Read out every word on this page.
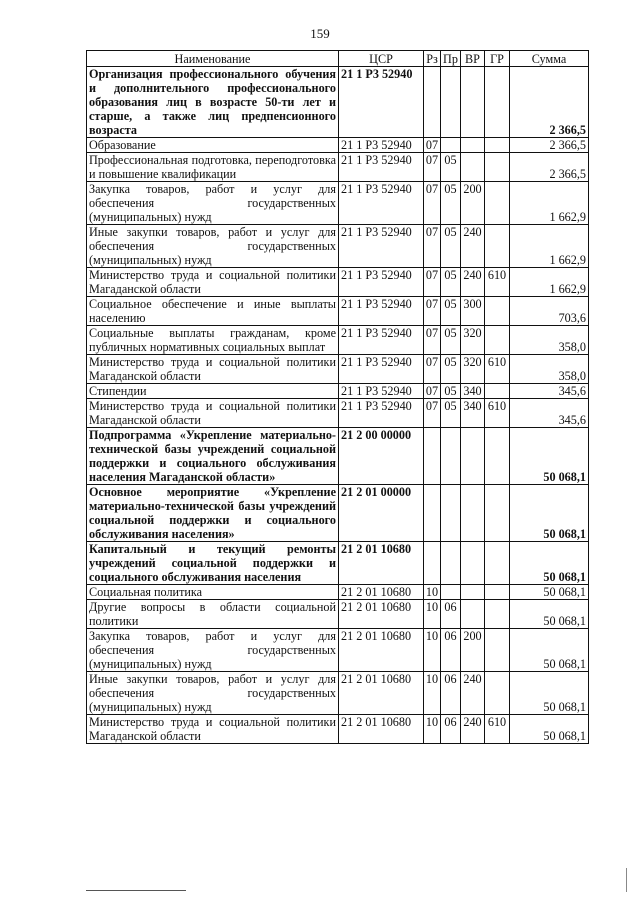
159
Наименование	ЦСР	Рз	Пр	ВР	ГР	Сумма
Организация профессионального обучения и дополнительного профессионального образования лиц в возрасте 50-ти лет и старше, а также лиц предпенсионного возраста	21 1 P3 52940					2 366,5
Образование	21 1 P3 52940	07				2 366,5
Профессиональная подготовка, переподготовка и повышение квалификации	21 1 P3 52940	07	05			2 366,5
Закупка товаров, работ и услуг для обеспечения государственных (муниципальных) нужд	21 1 P3 52940	07	05	200		1 662,9
Иные закупки товаров, работ и услуг для обеспечения государственных (муниципальных) нужд	21 1 P3 52940	07	05	240		1 662,9
Министерство труда и социальной политики Магаданской области	21 1 P3 52940	07	05	240	610	1 662,9
Социальное обеспечение и иные выплаты населению	21 1 P3 52940	07	05	300		703,6
Социальные выплаты гражданам, кроме публичных нормативных социальных выплат	21 1 P3 52940	07	05	320		358,0
Министерство труда и социальной политики Магаданской области	21 1 P3 52940	07	05	320	610	358,0
Стипендии	21 1 P3 52940	07	05	340		345,6
Министерство труда и социальной политики Магаданской области	21 1 P3 52940	07	05	340	610	345,6
Подпрограмма «Укрепление материально-технической базы учреждений социальной поддержки и социального обслуживания населения Магаданской области»	21 2 00 00000					50 068,1
Основное мероприятие «Укрепление материально-технической базы учреждений социальной поддержки и социального обслуживания населения»	21 2 01 00000					50 068,1
Капитальный и текущий ремонты учреждений социальной поддержки и социального обслуживания населения	21 2 01 10680					50 068,1
Социальная политика	21 2 01 10680	10				50 068,1
Другие вопросы в области социальной политики	21 2 01 10680	10	06			50 068,1
Закупка товаров, работ и услуг для обеспечения государственных (муниципальных) нужд	21 2 01 10680	10	06	200		50 068,1
Иные закупки товаров, работ и услуг для обеспечения государственных (муниципальных) нужд	21 2 01 10680	10	06	240		50 068,1
Министерство труда и социальной политики Магаданской области	21 2 01 10680	10	06	240	610	50 068,1
